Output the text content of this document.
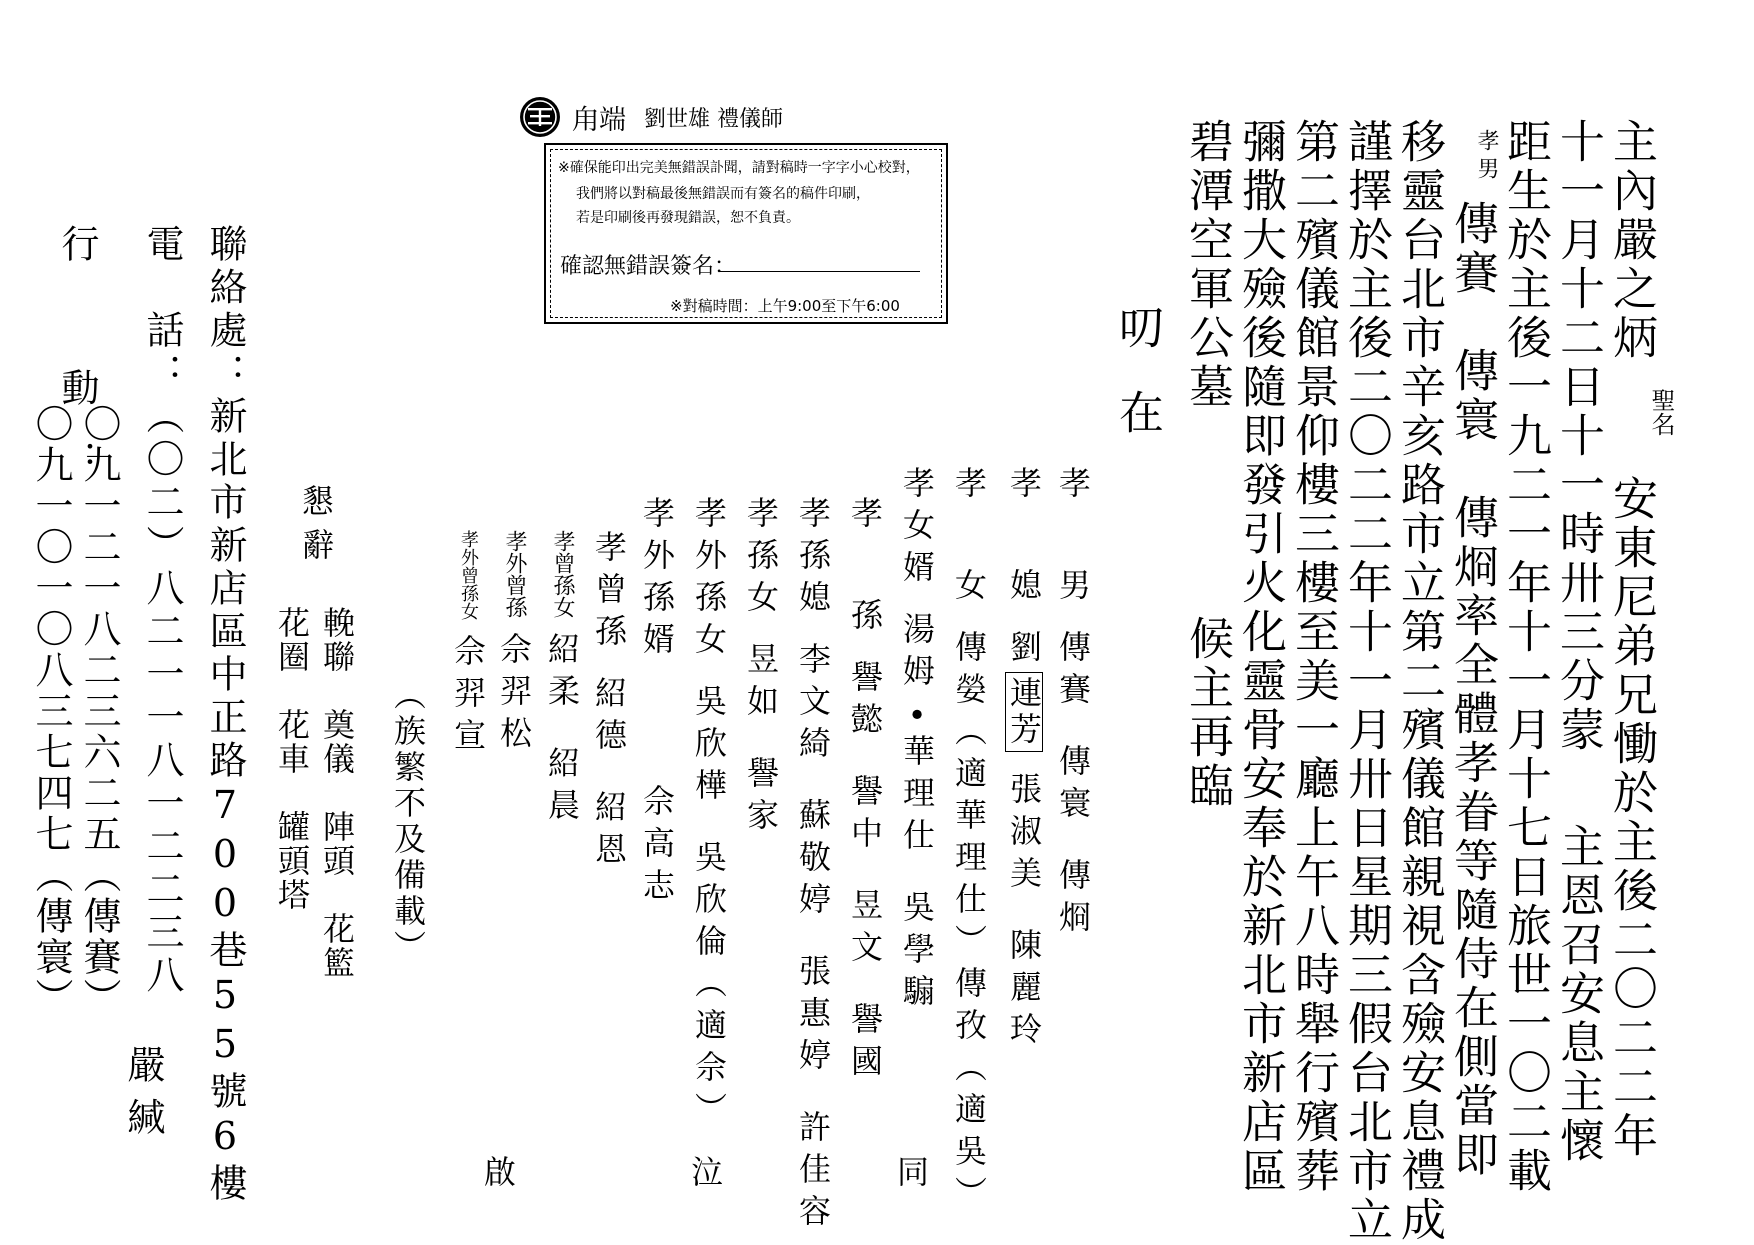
甪端 劉世雄 禮儀師
※確保能印出完美無錯誤訃聞，請對稿時一字字小心校對，
我們將以對稿最後無錯誤而有簽名的稿件印刷，
若是印刷後再發現錯誤，恕不負責。
確認無錯誤簽名：
※對稿時間：上午9:00至下午6:00	主內嚴之炳
聖名
安東尼弟兄慟於主後二〇二二年
十一月十二日十一時卅三分蒙
主恩召安息主懷
距生於主後一九二一年十一月十七日旅世一〇二載
孝男
傳賽　傳寰　傳烱率全體孝眷等隨侍在側當即
移靈台北市辛亥路市立第二殯儀館親視含殮安息禮成
謹擇於主後二〇二二年十一月卅日星期三假台北市立
第二殯儀館景仰樓三樓至美一廳上午八時舉行殯葬
彌撒大殮後隨即發引火化靈骨安奉於新北市新店區
碧潭空軍公墓
候主再臨
叨在
孝男傳賽傳寰傳烱
孝媳劉連芳張淑美陳麗玲
孝女傳嫈（適華理仕）傳孜（適吳）
孝女婿湯姆•華理仕吳學騸
孝孫譽懿譽中昱文譽國
孝孫媳李文綺蘇敬婷張惠婷許佳容
孝孫女昱如譽家
孝外孫女吳欣樺吳欣倫（適佘）
孝外孫婿佘高志
孝曾孫紹德紹恩
孝曾孫女紹柔紹晨
孝外曾孫佘羿松
孝外曾孫女佘羿宣
（族繁不及備載）
同
泣
啟
懇辭
輓聯　奠儀　陣頭　花籃
花圈　花車　罐頭塔
聯絡處：新北市新店區中正路700巷55號6樓
電　話：（〇二）八二一一八一二二三八
行　動：
〇九一二一八二三六二五（傳賽）
〇九一〇一〇八三七四七（傳寰）
嚴緘
